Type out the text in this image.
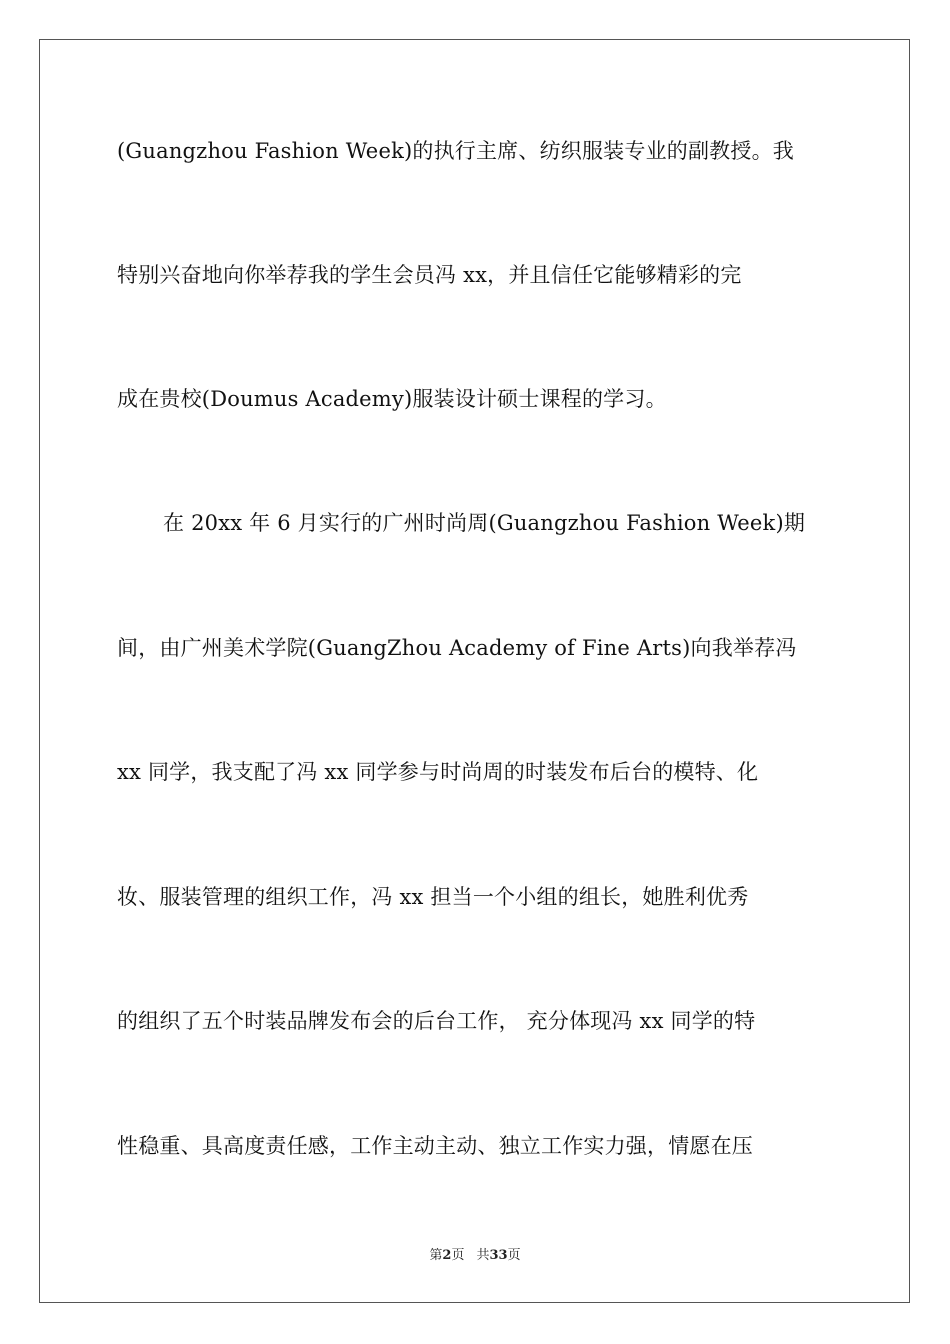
(Guangzhou Fashion Week)的执行主席、纺织服装专业的副教授。我
特别兴奋地向你举荐我的学生会员冯 xx，并且信任它能够精彩的完
成在贵校(Doumus Academy)服装设计硕士课程的学习。
在 20xx 年 6 月实行的广州时尚周(Guangzhou Fashion Week)期
间，由广州美术学院(GuangZhou Academy of Fine Arts)向我举荐冯
xx 同学，我支配了冯 xx 同学参与时尚周的时装发布后台的模特、化
妆、服装管理的组织工作，冯 xx 担当一个小组的组长，她胜利优秀
的组织了五个时装品牌发布会的后台工作， 充分体现冯 xx 同学的特
性稳重、具高度责任感，工作主动主动、独立工作实力强，情愿在压
第2页 共33页
